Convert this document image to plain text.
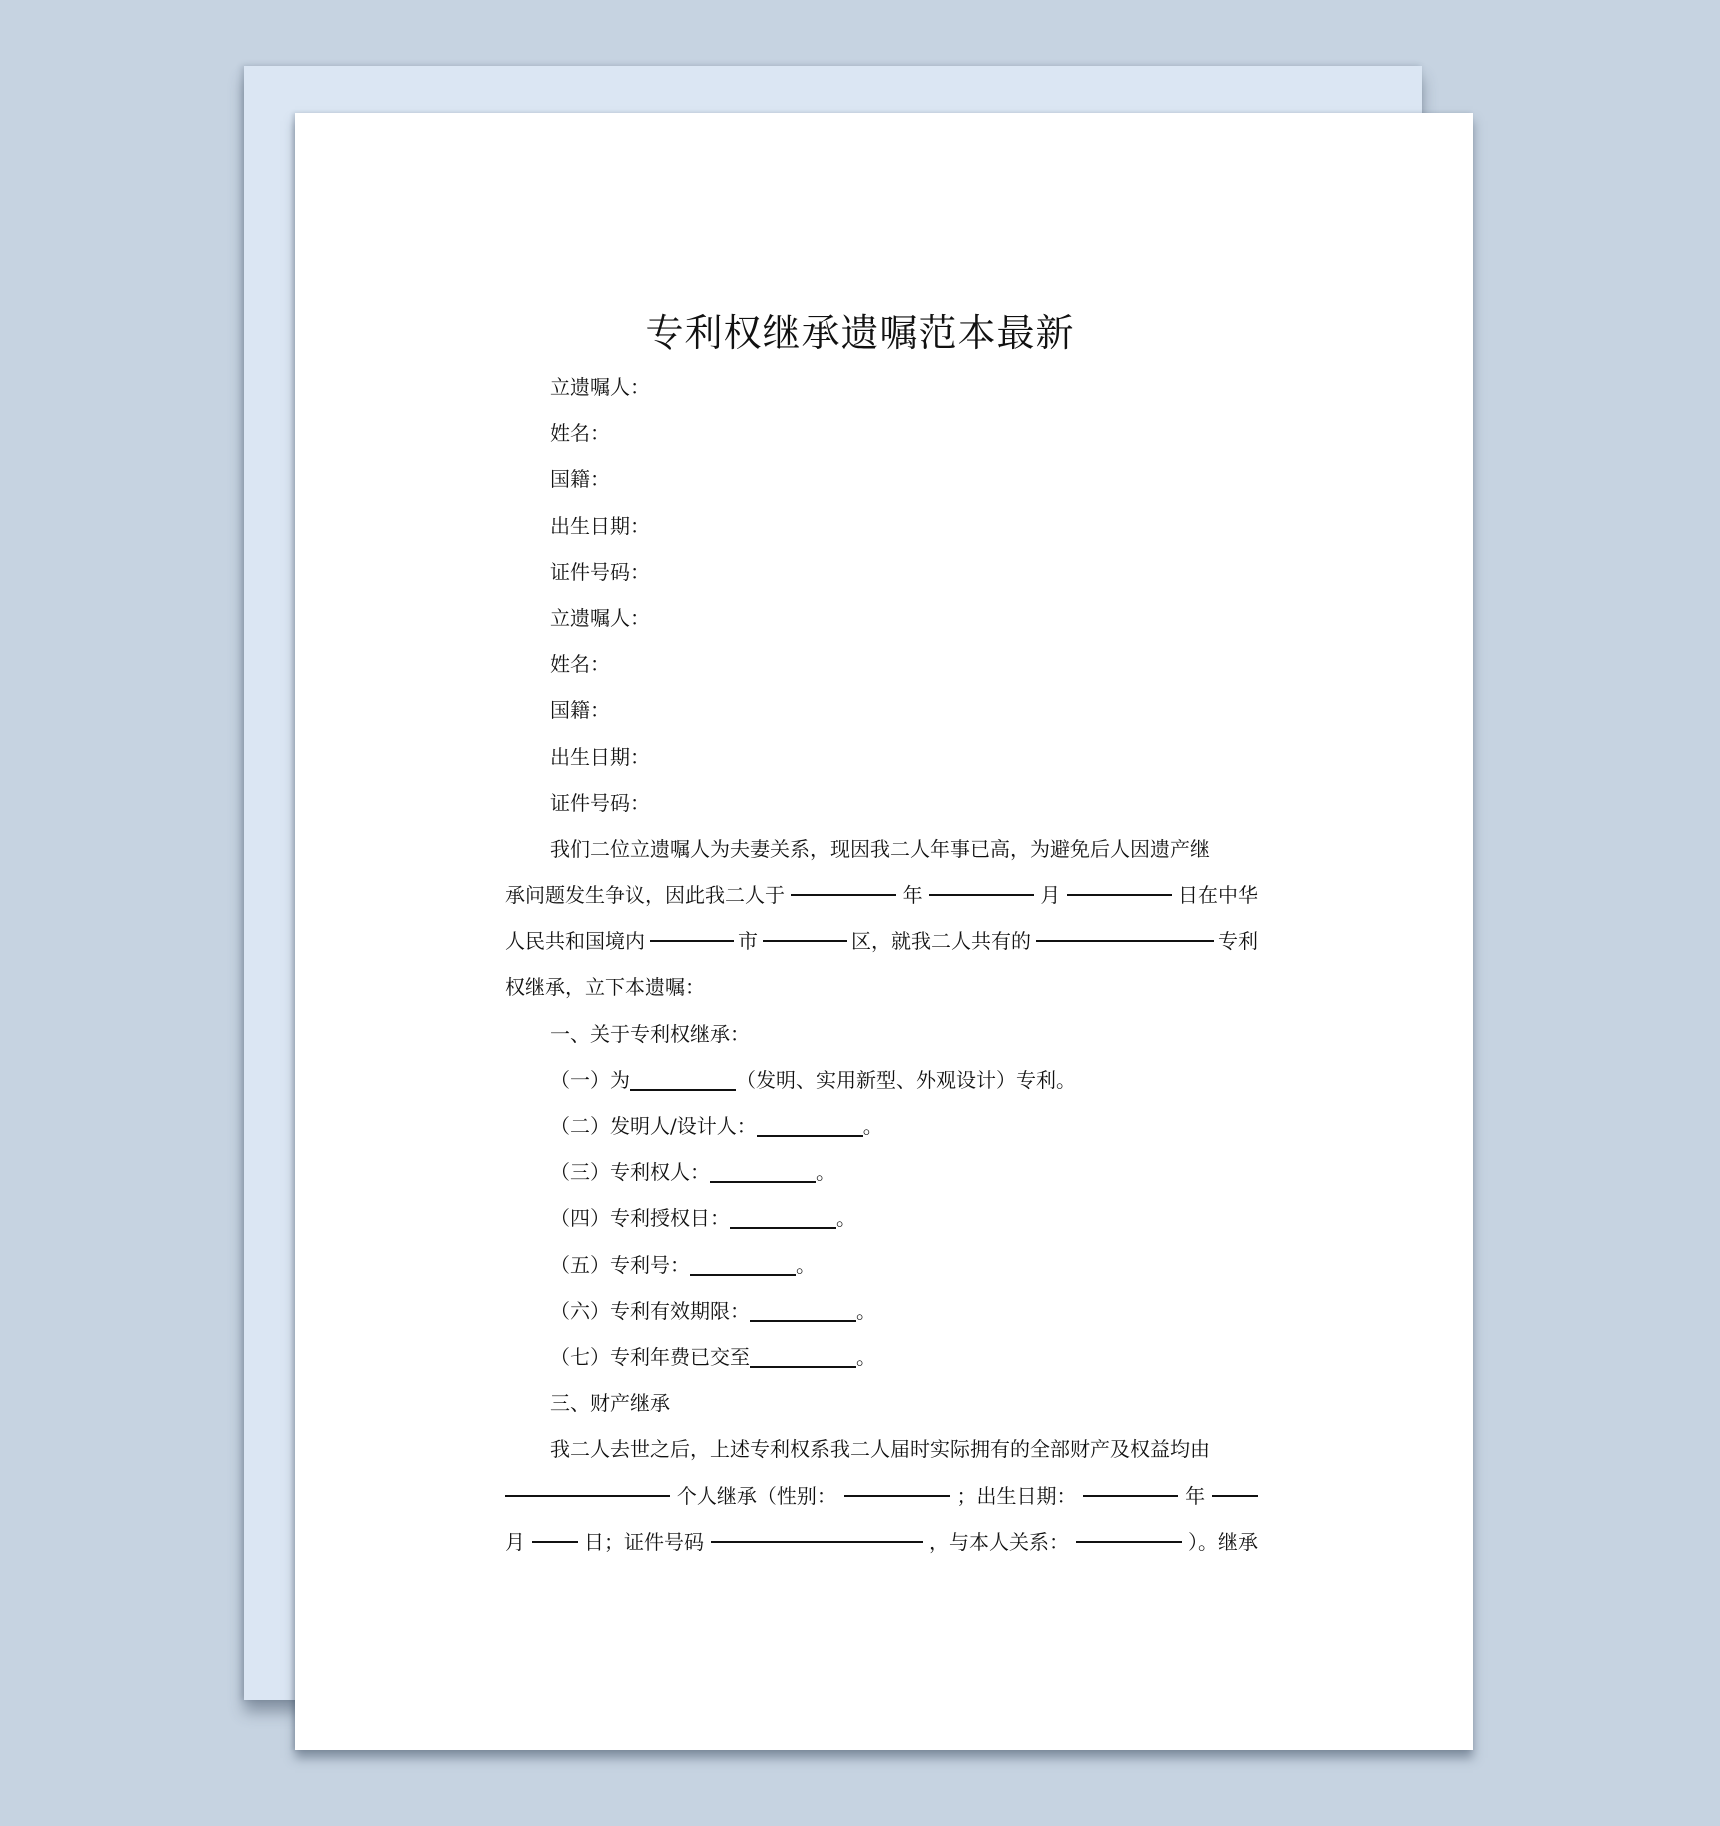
专利权继承遗嘱范本最新
立遗嘱人：
姓名：
国籍：
出生日期：
证件号码：
立遗嘱人：
姓名：
国籍：
出生日期：
证件号码：
我们二位立遗嘱人为夫妻关系，现因我二人年事已高，为避免后人因遗产继
承问题发生争议，因此我二人于	年	月	日在中华
人民共和国境内	市	区，就我二人共有的	专利
权继承，立下本遗嘱：
一、关于专利权继承：
（一）为	（发明、实用新型、外观设计）专利。
（二）发明人/设计人：	。
（三）专利权人：	。
（四）专利授权日：	。
（五）专利号：	。
（六）专利有效期限：	。
（七）专利年费已交至	。
三、财产继承
我二人去世之后，上述专利权系我二人届时实际拥有的全部财产及权益均由
个人继承（性别：	；出生日期：	年
月	日；证件号码	，与本人关系：	）。继承
